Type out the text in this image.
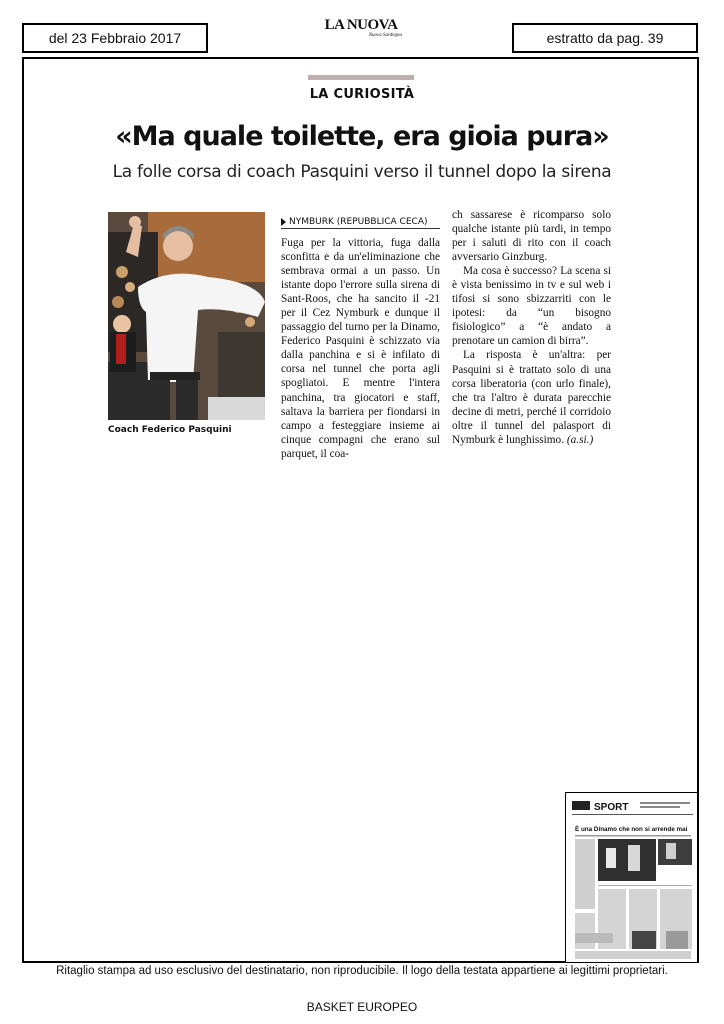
del 23 Febbraio 2017	estratto da pag. 39
LA NUOVA
Nuova Sardegna
LA CURIOSITÀ
«Ma quale toilette, era gioia pura»
La folle corsa di coach Pasquini verso il tunnel dopo la sirena
Coach Federico Pasquini
NYMBURK (REPUBBLICA CECA)

Fuga per la vittoria, fuga dalla sconfitta e da un'eliminazione che sembrava ormai a un passo. Un istante dopo l'errore sulla sirena di Sant-Roos, che ha sancito il -21 per il Cez Nymburk e dunque il passaggio del turno per la Dinamo, Federico Pasquini è schizzato via dalla panchina e si è infilato di corsa nel tunnel che porta agli spogliatoi. E mentre l'intera panchina, tra giocatori e staff, saltava la barriera per fiondarsi in campo a festeggiare insieme ai cinque compagni che erano sul parquet, il coa-

ch sassarese è ricomparso solo qualche istante più tardi, in tempo per i saluti di rito con il coach avversario Ginzburg.

Ma cosa è successo? La scena si è vista benissimo in tv e sul web i tifosi si sono sbizzarriti con le ipotesi: da “un bisogno fisiologico” a “è andato a prenotare un camion di birra”.

La risposta è un'altra: per Pasquini si è trattato solo di una corsa liberatoria (con urlo finale), che tra l'altro è durata parecchie decine di metri, perché il corridoio oltre il tunnel del palasport di Nymburk è lunghissimo. (a.si.)

SPORT
È una Dinamo che non si arrende mai
Ritaglio stampa ad uso esclusivo del destinatario, non riproducibile. Il logo della testata appartiene ai legittimi proprietari.
BASKET EUROPEO
